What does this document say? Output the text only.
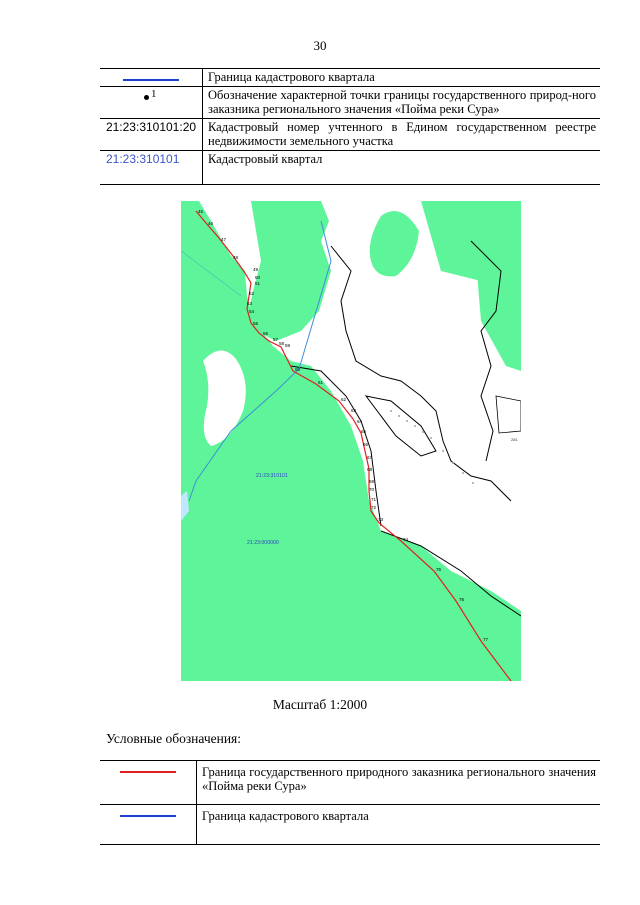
30
	Граница кадастрового квартала

1	Обозначение характерной точки границы государственного природ-ного заказника регионального значения «Пойма реки Сура»
21:23:310101:20	Кадастровый номер учтенного в Едином государственном реестре недвижимости земельного участка
21:23:310101	Кадастровый квартал
45
46
47
48
49
50
51
52
53
54
55
56
57
58 59
60
61
62
63
64
65
66
67
68
69
70
71
72
73
74
75
76
77
21:23:310101
21:23:000000
281
Масштаб 1:2000
Условные обозначения:
	Граница государственного природного заказника регионального значения «Пойма реки Сура»
	Граница кадастрового квартала
